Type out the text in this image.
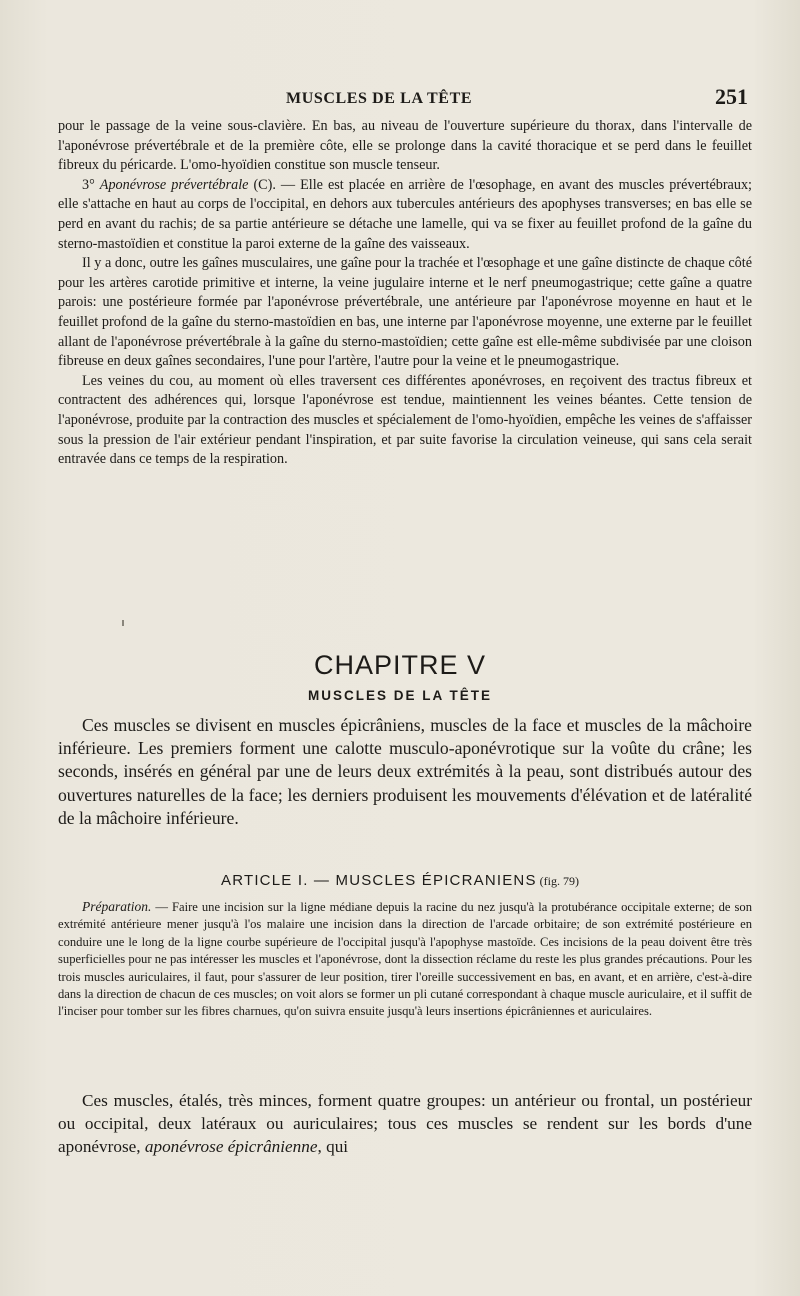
MUSCLES DE LA TÊTE	251

pour le passage de la veine sous-clavière. En bas, au niveau de l'ouverture supérieure du thorax, dans l'intervalle de l'aponévrose prévertébrale et de la première côte, elle se prolonge dans la cavité thoracique et se perd dans le feuillet fibreux du péricarde. L'omo-hyoïdien constitue son muscle tenseur.

3° Aponévrose prévertébrale (C). — Elle est placée en arrière de l'œsophage, en avant des muscles prévertébraux; elle s'attache en haut au corps de l'occipital, en dehors aux tubercules antérieurs des apophyses transverses; en bas elle se perd en avant du rachis; de sa partie antérieure se détache une lamelle, qui va se fixer au feuillet profond de la gaîne du sterno-mastoïdien et constitue la paroi externe de la gaîne des vaisseaux.

Il y a donc, outre les gaînes musculaires, une gaîne pour la trachée et l'œsophage et une gaîne distincte de chaque côté pour les artères carotide primitive et interne, la veine jugulaire interne et le nerf pneumogastrique; cette gaîne a quatre parois: une postérieure formée par l'aponévrose prévertébrale, une antérieure par l'aponévrose moyenne en haut et le feuillet profond de la gaîne du sterno-mastoïdien en bas, une interne par l'aponévrose moyenne, une externe par le feuillet allant de l'aponévrose prévertébrale à la gaîne du sterno-mastoïdien; cette gaîne est elle-même subdivisée par une cloison fibreuse en deux gaînes secondaires, l'une pour l'artère, l'autre pour la veine et le pneumogastrique.

Les veines du cou, au moment où elles traversent ces différentes aponévroses, en reçoivent des tractus fibreux et contractent des adhérences qui, lorsque l'aponévrose est tendue, maintiennent les veines béantes. Cette tension de l'aponévrose, produite par la contraction des muscles et spécialement de l'omo-hyoïdien, empêche les veines de s'affaisser sous la pression de l'air extérieur pendant l'inspiration, et par suite favorise la circulation veineuse, qui sans cela serait entravée dans ce temps de la respiration.

CHAPITRE V
MUSCLES DE LA TÊTE

Ces muscles se divisent en muscles épicrâniens, muscles de la face et muscles de la mâchoire inférieure. Les premiers forment une calotte musculo-aponévrotique sur la voûte du crâne; les seconds, insérés en général par une de leurs deux extrémités à la peau, sont distribués autour des ouvertures naturelles de la face; les derniers produisent les mouvements d'élévation et de latéralité de la mâchoire inférieure.

ARTICLE I. — MUSCLES ÉPICRANIENS (fig. 79)

Préparation. — Faire une incision sur la ligne médiane depuis la racine du nez jusqu'à la protubérance occipitale externe; de son extrémité antérieure mener jusqu'à l'os malaire une incision dans la direction de l'arcade orbitaire; de son extrémité postérieure en conduire une le long de la ligne courbe supérieure de l'occipital jusqu'à l'apophyse mastoïde. Ces incisions de la peau doivent être très superficielles pour ne pas intéresser les muscles et l'aponévrose, dont la dissection réclame du reste les plus grandes précautions. Pour les trois muscles auriculaires, il faut, pour s'assurer de leur position, tirer l'oreille successivement en bas, en avant, et en arrière, c'est-à-dire dans la direction de chacun de ces muscles; on voit alors se former un pli cutané correspondant à chaque muscle auriculaire, et il suffit de l'inciser pour tomber sur les fibres charnues, qu'on suivra ensuite jusqu'à leurs insertions épicrâniennes et auriculaires.

Ces muscles, étalés, très minces, forment quatre groupes: un antérieur ou frontal, un postérieur ou occipital, deux latéraux ou auriculaires; tous ces muscles se rendent sur les bords d'une aponévrose, aponévrose épicrânienne, qui
